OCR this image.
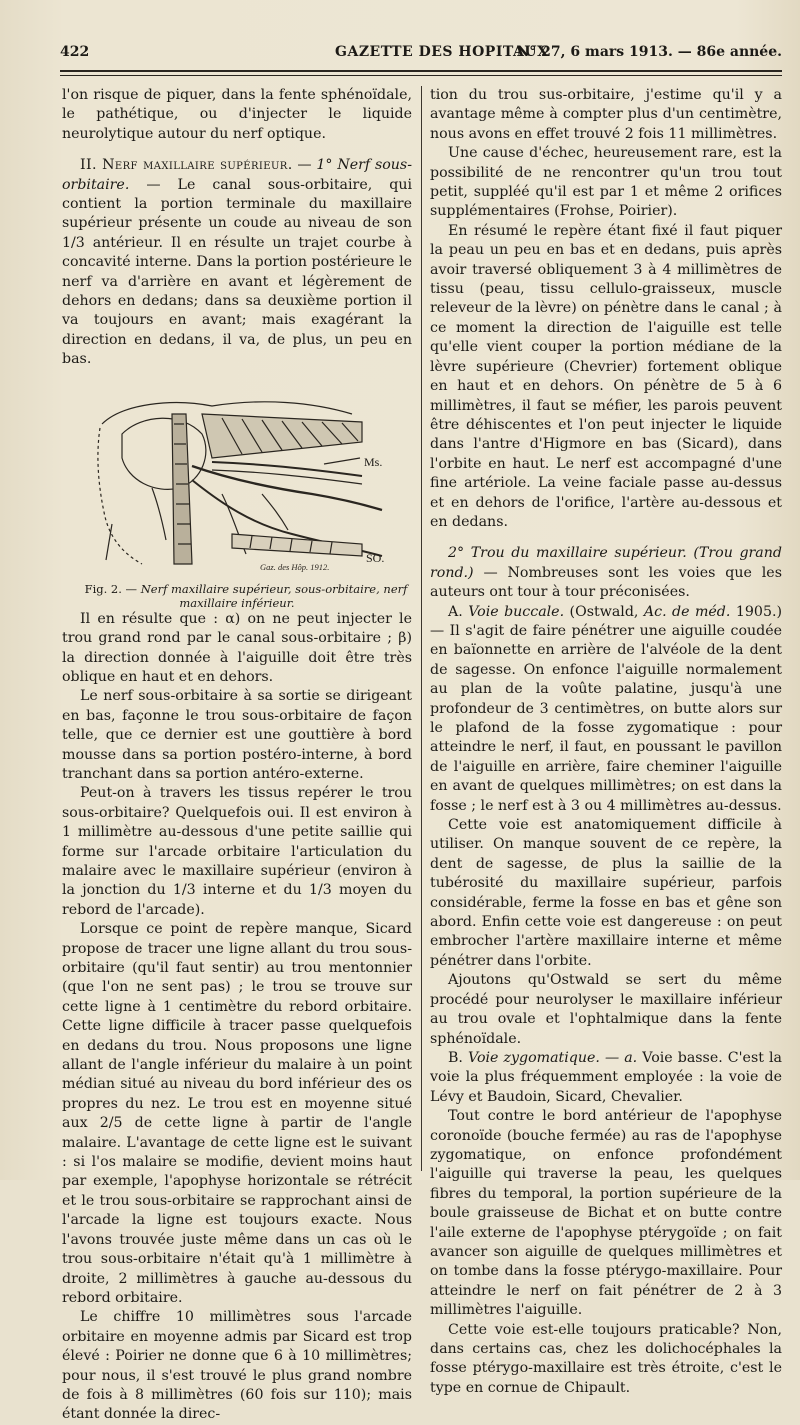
422	GAZETTE DES HOPITAUX
N° 27, 6 mars 1913. — 86e année.

l'on risque de piquer, dans la fente sphénoïdale, le pathétique, ou d'injecter le liquide neurolytique autour du nerf optique.

II. Nerf maxillaire supérieur. — 1° Nerf sous-orbitaire. — Le canal sous-orbitaire, qui contient la portion terminale du maxillaire supérieur présente un coude au niveau de son 1/3 antérieur. Il en résulte un trajet courbe à concavité interne. Dans la portion postérieure le nerf va d'arrière en avant et légèrement de dehors en dedans; dans sa deuxième portion il va toujours en avant; mais exagérant la direction en dedans, il va, de plus, un peu en bas.

Ms.
SO.
Gaz. des Hôp. 1912.

Fig. 2. — Nerf maxillaire supérieur, sous-orbitaire, nerf maxillaire inférieur.

Il en résulte que : α) on ne peut injecter le trou grand rond par le canal sous-orbitaire ; β) la direction donnée à l'aiguille doit être très oblique en haut et en dehors.

Le nerf sous-orbitaire à sa sortie se dirigeant en bas, façonne le trou sous-orbitaire de façon telle, que ce dernier est une gouttière à bord mousse dans sa portion postéro-interne, à bord tranchant dans sa portion antéro-externe.

Peut-on à travers les tissus repérer le trou sous-orbitaire? Quelquefois oui. Il est environ à 1 millimètre au-dessous d'une petite saillie qui forme sur l'arcade orbitaire l'articulation du malaire avec le maxillaire supérieur (environ à la jonction du 1/3 interne et du 1/3 moyen du rebord de l'arcade).

Lorsque ce point de repère manque, Sicard propose de tracer une ligne allant du trou sous-orbitaire (qu'il faut sentir) au trou mentonnier (que l'on ne sent pas) ; le trou se trouve sur cette ligne à 1 centimètre du rebord orbitaire. Cette ligne difficile à tracer passe quelquefois en dedans du trou. Nous proposons une ligne allant de l'angle inférieur du malaire à un point médian situé au niveau du bord inférieur des os propres du nez. Le trou est en moyenne situé aux 2/5 de cette ligne à partir de l'angle malaire. L'avantage de cette ligne est le suivant : si l'os malaire se modifie, devient moins haut par exemple, l'apophyse horizontale se rétrécit et le trou sous-orbitaire se rapprochant ainsi de l'arcade la ligne est toujours exacte. Nous l'avons trouvée juste même dans un cas où le trou sous-orbitaire n'était qu'à 1 millimètre à droite, 2 millimètres à gauche au-dessous du rebord orbitaire.

Le chiffre 10 millimètres sous l'arcade orbitaire en moyenne admis par Sicard est trop élevé : Poirier ne donne que 6 à 10 millimètres; pour nous, il s'est trouvé le plus grand nombre de fois à 8 millimètres (60 fois sur 110); mais étant donnée la direc-

tion du trou sus-orbitaire, j'estime qu'il y a avantage même à compter plus d'un centimètre, nous avons en effet trouvé 2 fois 11 millimètres.

Une cause d'échec, heureusement rare, est la possibilité de ne rencontrer qu'un trou tout petit, suppléé qu'il est par 1 et même 2 orifices supplémentaires (Frohse, Poirier).

En résumé le repère étant fixé il faut piquer la peau un peu en bas et en dedans, puis après avoir traversé obliquement 3 à 4 millimètres de tissu (peau, tissu cellulo-graisseux, muscle releveur de la lèvre) on pénètre dans le canal ; à ce moment la direction de l'aiguille est telle qu'elle vient couper la portion médiane de la lèvre supérieure (Chevrier) fortement oblique en haut et en dehors. On pénètre de 5 à 6 millimètres, il faut se méfier, les parois peuvent être déhiscentes et l'on peut injecter le liquide dans l'antre d'Higmore en bas (Sicard), dans l'orbite en haut. Le nerf est accompagné d'une fine artériole. La veine faciale passe au-dessus et en dehors de l'orifice, l'artère au-dessous et en dedans.

2° Trou du maxillaire supérieur. (Trou grand rond.) — Nombreuses sont les voies que les auteurs ont tour à tour préconisées.

A. Voie buccale. (Ostwald, Ac. de méd. 1905.) — Il s'agit de faire pénétrer une aiguille coudée en baïonnette en arrière de l'alvéole de la dent de sagesse. On enfonce l'aiguille normalement au plan de la voûte palatine, jusqu'à une profondeur de 3 centimètres, on butte alors sur le plafond de la fosse zygomatique : pour atteindre le nerf, il faut, en poussant le pavillon de l'aiguille en arrière, faire cheminer l'aiguille en avant de quelques millimètres; on est dans la fosse ; le nerf est à 3 ou 4 millimètres au-dessus.

Cette voie est anatomiquement difficile à utiliser. On manque souvent de ce repère, la dent de sagesse, de plus la saillie de la tubérosité du maxillaire supérieur, parfois considérable, ferme la fosse en bas et gêne son abord. Enfin cette voie est dangereuse : on peut embrocher l'artère maxillaire interne et même pénétrer dans l'orbite.

Ajoutons qu'Ostwald se sert du même procédé pour neurolyser le maxillaire inférieur au trou ovale et l'ophtalmique dans la fente sphénoïdale.

B. Voie zygomatique. — a. Voie basse. C'est la voie la plus fréquemment employée : la voie de Lévy et Baudoin, Sicard, Chevalier.

Tout contre le bord antérieur de l'apophyse coronoïde (bouche fermée) au ras de l'apophyse zygomatique, on enfonce profondément l'aiguille qui traverse la peau, les quelques fibres du temporal, la portion supérieure de la boule graisseuse de Bichat et on butte contre l'aile externe de l'apophyse ptérygoïde ; on fait avancer son aiguille de quelques millimètres et on tombe dans la fosse ptérygo-maxillaire. Pour atteindre le nerf on fait pénétrer de 2 à 3 millimètres l'aiguille.

Cette voie est-elle toujours praticable? Non, dans certains cas, chez les dolichocéphales la fosse ptérygo-maxillaire est très étroite, c'est le type en cornue de Chipault.
